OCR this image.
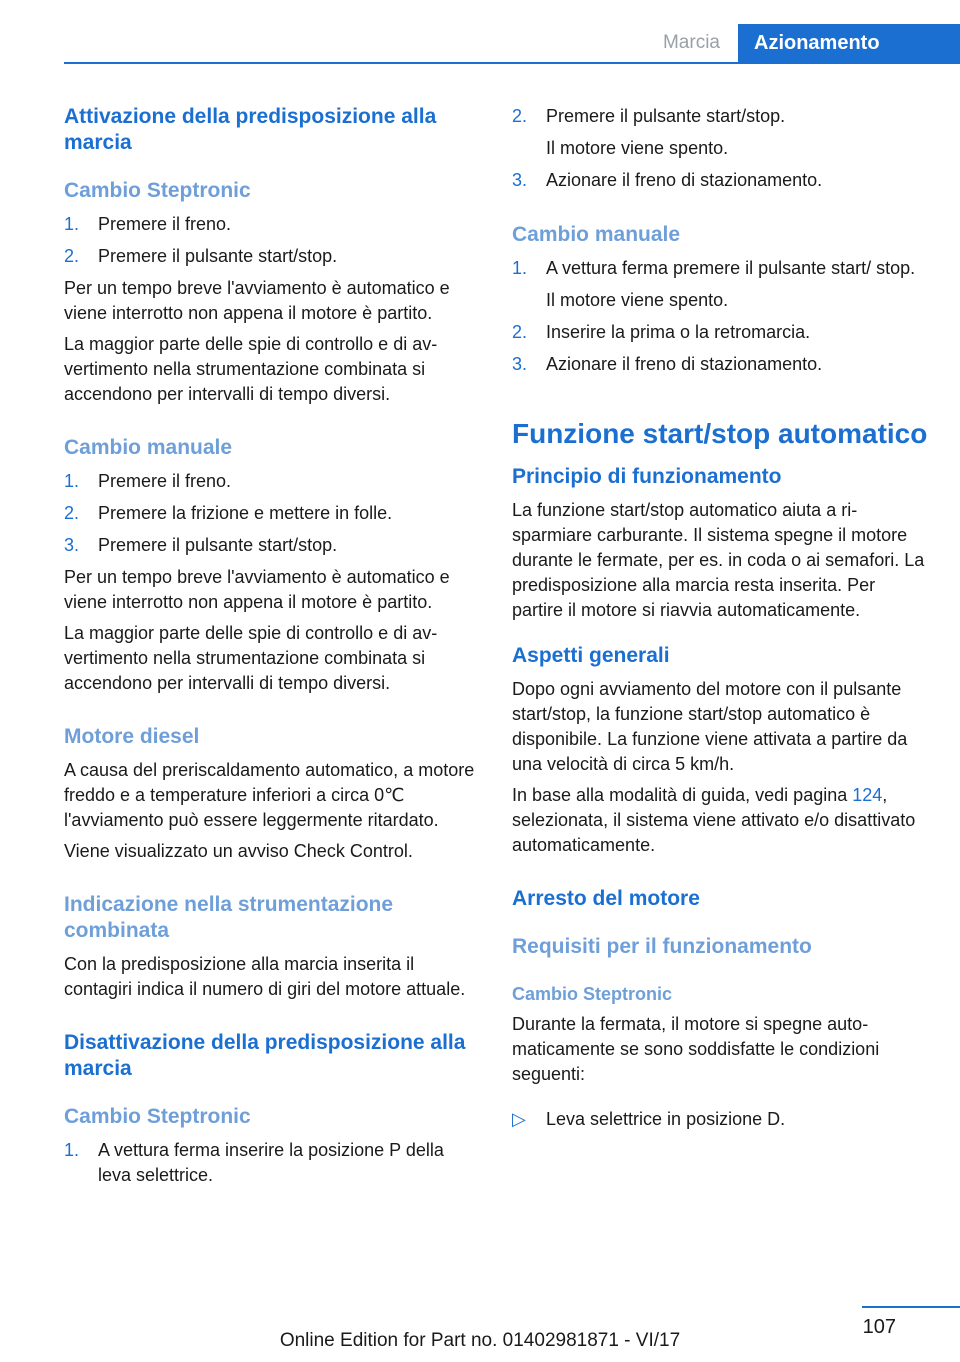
Marcia	Azionamento
Attivazione della predisposizione alla marcia
Cambio Steptronic
1. Premere il freno.
2. Premere il pulsante start/stop.

Per un tempo breve l'avviamento è automatico e viene interrotto non appena il motore è partito.

La maggior parte delle spie di controllo e di avvertimento nella strumentazione combinata si accendono per intervalli di tempo diversi.

Cambio manuale
1. Premere il freno.
2. Premere la frizione e mettere in folle.
3. Premere il pulsante start/stop.

Per un tempo breve l'avviamento è automatico e viene interrotto non appena il motore è partito.

La maggior parte delle spie di controllo e di avvertimento nella strumentazione combinata si accendono per intervalli di tempo diversi.

Motore diesel

A causa del preriscaldamento automatico, a motore freddo e a temperature inferiori a circa 0℃ l'avviamento può essere leggermente ritardato.

Viene visualizzato un avviso Check Control.

Indicazione nella strumentazione combinata

Con la predisposizione alla marcia inserita il contagiri indica il numero di giri del motore attuale.

Disattivazione della predisposizione alla marcia
Cambio Steptronic
1. A vettura ferma inserire la posizione P della leva selettrice.
2. Premere il pulsante start/stop.
Il motore viene spento.
3. Azionare il freno di stazionamento.
Cambio manuale
1. A vettura ferma premere il pulsante start/ stop.
Il motore viene spento.
2. Inserire la prima o la retromarcia.
3. Azionare il freno di stazionamento.
Funzione start/stop automatico
Principio di funzionamento

La funzione start/stop automatico aiuta a risparmiare carburante. Il sistema spegne il motore durante le fermate, per es. in coda o ai semafori. La predisposizione alla marcia resta inserita. Per partire il motore si riavvia automaticamente.

Aspetti generali

Dopo ogni avviamento del motore con il pulsante start/stop, la funzione start/stop automatico è disponibile. La funzione viene attivata a partire da una velocità di circa 5 km/h.

In base alla modalità di guida, vedi pagina 124, selezionata, il sistema viene attivato e/o disattivato automaticamente.

Arresto del motore
Requisiti per il funzionamento
Cambio Steptronic

Durante la fermata, il motore si spegne automaticamente se sono soddisfatte le condizioni seguenti:

▷ Leva selettrice in posizione D.
107
Online Edition for Part no. 01402981871 - VI/17
